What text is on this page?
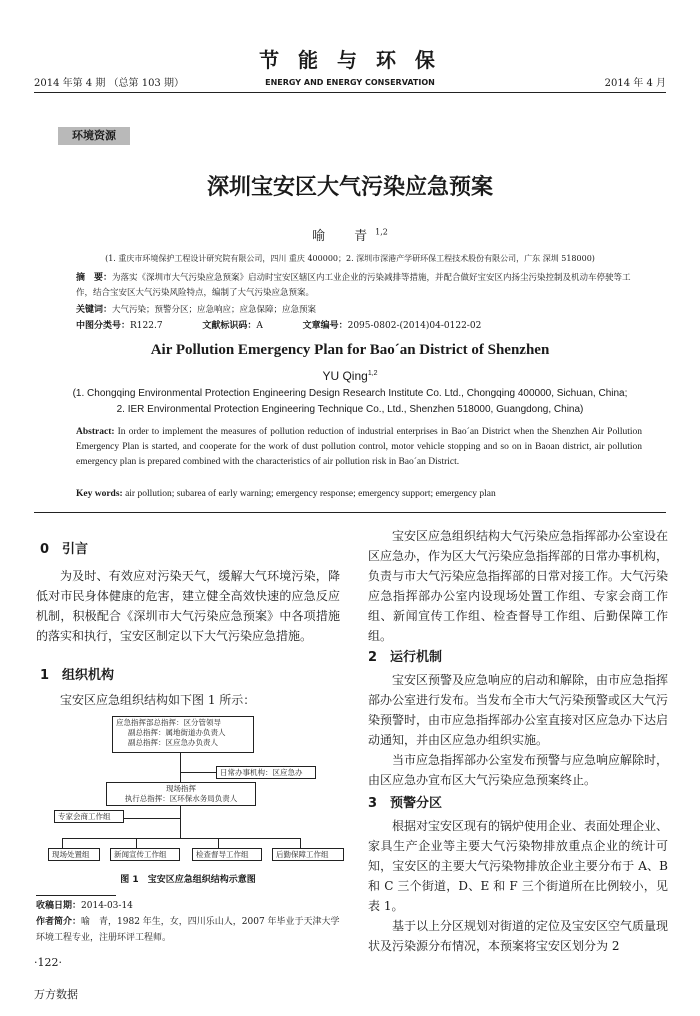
2014 年第 4 期 （总第 103 期）
节 能 与 环 保
ENERGY AND ENERGY CONSERVATION	2014 年 4 月
环境资源
深圳宝安区大气污染应急预案
喻　青$^{1,2}$
(1. 重庆市环境保护工程设计研究院有限公司，四川 重庆 400000；2. 深圳市深港产学研环保工程技术股份有限公司，广东 深圳 518000)
摘　要：为落实《深圳市大气污染应急预案》启动时宝安区辖区内工业企业的污染减排等措施，并配合做好宝安区内扬尘污染控制及机动车停驶等工作，结合宝安区大气污染风险特点，编制了大气污染应急预案。
关键词：大气污染；预警分区；应急响应；应急保障；应急预案
中图分类号：R122.7	文献标识码：A	文章编号：2095-0802-(2014)04-0122-02
Air Pollution Emergency Plan for Bao´an District of Shenzhen
YU Qing$^{1,2}$
(1. Chongqing Environmental Protection Engineering Design Research Institute Co. Ltd., Chongqing 400000, Sichuan, China;
2. IER Environmental Protection Engineering Technique Co., Ltd., Shenzhen 518000, Guangdong, China)
Abstract: In order to implement the measures of pollution reduction of industrial enterprises in Bao´an District when the Shenzhen Air Pollution Emergency Plan is started, and cooperate for the work of dust pollution control, motor vehicle stopping and so on in Baoan district, air pollution emergency plan is prepared combined with the characteristics of air pollution risk in Bao´an District.
Key words: air pollution; subarea of early warning; emergency response; emergency support; emergency plan
0　引言
为及时、有效应对污染天气，缓解大气环境污染，降低对市民身体健康的危害，建立健全高效快速的应急反应机制，积极配合《深圳市大气污染应急预案》中各项措施的落实和执行，宝安区制定以下大气污染应急措施。
1　组织机构
宝安区应急组织结构如下图 1 所示：
应急指挥部总指挥：区分管领导
副总指挥：属地街道办负责人
副总指挥：区应急办负责人
日常办事机构：区应急办
现场指挥
执行总指挥：区环保水务局负责人
专家会商工作组
现场处置组	新闻宣传工作组	检查督导工作组	后勤保障工作组
图 1　宝安区应急组织结构示意图
收稿日期：2014-03-14
作者简介：喻　青，1982 年生，女，四川乐山人，2007 年毕业于天津大学环境工程专业，注册环评工程师。
·122·
万方数据
宝安区应急组织结构大气污染应急指挥部办公室设在区应急办，作为区大气污染应急指挥部的日常办事机构，负责与市大气污染应急指挥部的日常对接工作。大气污染应急指挥部办公室内设现场处置工作组、专家会商工作组、新闻宣传工作组、检查督导工作组、后勤保障工作组。
2　运行机制
宝安区预警及应急响应的启动和解除，由市应急指挥部办公室进行发布。当发布全市大气污染预警或区大气污染预警时，由市应急指挥部办公室直接对区应急办下达启动通知，并由区应急办组织实施。
当市应急指挥部办公室发布预警与应急响应解除时，由区应急办宣布区大气污染应急预案终止。
3　预警分区
根据对宝安区现有的锅炉使用企业、表面处理企业、家具生产企业等主要大气污染物排放重点企业的统计可知，宝安区的主要大气污染物排放企业主要分布于 A、B 和 C 三个街道，D、E 和 F 三个街道所在比例较小，见表 1。
基于以上分区规划对街道的定位及宝安区空气质量现状及污染源分布情况，本预案将宝安区划分为 2
